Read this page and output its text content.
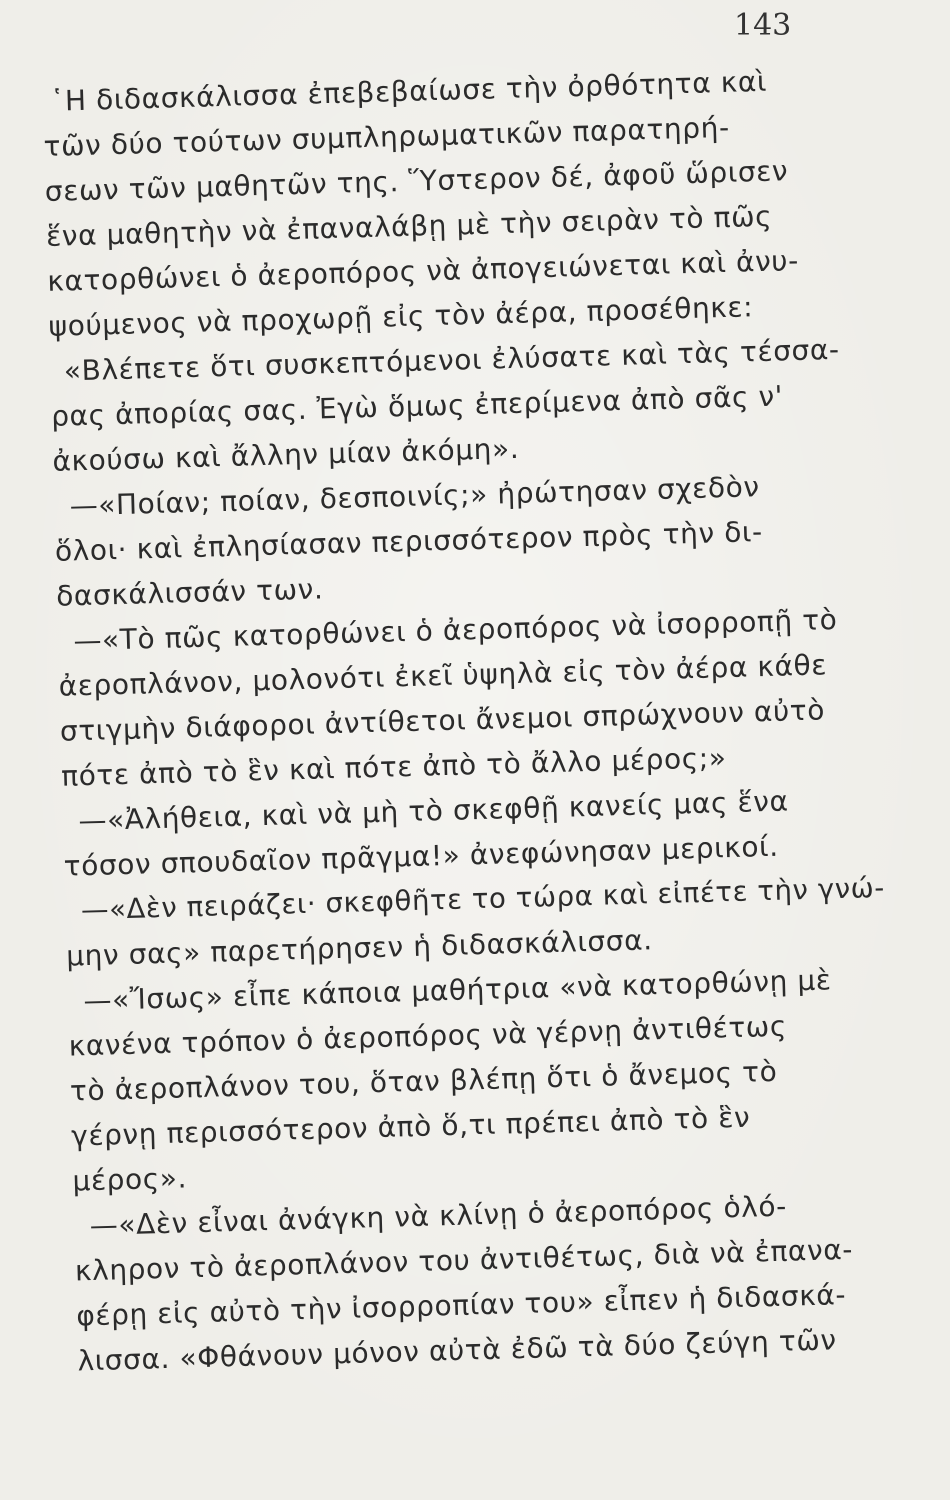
143
῾Η διδασκάλισσα ἐπεβεβαίωσε τὴν ὀρθότητα καὶ
τῶν δύο τούτων συμπληρωματικῶν παρατηρή-
σεων τῶν μαθητῶν της. Ὕστερον δέ, ἀφοῦ ὥρισεν
ἕνα μαθητὴν νὰ ἐπαναλάβῃ μὲ τὴν σειρὰν τὸ πῶς
κατορθώνει ὁ ἀεροπόρος νὰ ἀπογειώνεται καὶ ἀνυ-
ψούμενος νὰ προχωρῇ εἰς τὸν ἀέρα, προσέθηκε:
«Βλέπετε ὅτι συσκεπτόμενοι ἐλύσατε καὶ τὰς τέσσα-
ρας ἀπορίας σας. Ἐγὼ ὅμως ἐπερίμενα ἀπὸ σᾶς ν'
ἀκούσω καὶ ἄλλην μίαν ἀκόμη».
—«Ποίαν; ποίαν, δεσποινίς;» ἠρώτησαν σχεδὸν
ὅλοι· καὶ ἐπλησίασαν περισσότερον πρὸς τὴν δι-
δασκάλισσάν των.
—«Τὸ πῶς κατορθώνει ὁ ἀεροπόρος νὰ ἰσορροπῇ τὸ
ἀεροπλάνον, μολονότι ἐκεῖ ὑψηλὰ εἰς τὸν ἀέρα κάθε
στιγμὴν διάφοροι ἀντίθετοι ἄνεμοι σπρώχνουν αὐτὸ
πότε ἀπὸ τὸ ἓν καὶ πότε ἀπὸ τὸ ἄλλο μέρος;»
—«Ἀλήθεια, καὶ νὰ μὴ τὸ σκεφθῇ κανείς μας ἕνα
τόσον σπουδαῖον πρᾶγμα!» ἀνεφώνησαν μερικοί.
—«Δὲν πειράζει· σκεφθῆτε το τώρα καὶ εἰπέτε τὴν γνώ-
μην σας» παρετήρησεν ἡ διδασκάλισσα.
—«Ἴσως» εἶπε κάποια μαθήτρια «νὰ κατορθώνῃ μὲ
κανένα τρόπον ὁ ἀεροπόρος νὰ γέρνῃ ἀντιθέτως
τὸ ἀεροπλάνον του, ὅταν βλέπῃ ὅτι ὁ ἄνεμος τὸ
γέρνῃ περισσότερον ἀπὸ ὅ,τι πρέπει ἀπὸ τὸ ἓν
μέρος».
—«Δὲν εἶναι ἀνάγκη νὰ κλίνῃ ὁ ἀεροπόρος ὁλό-
κληρον τὸ ἀεροπλάνον του ἀντιθέτως, διὰ νὰ ἐπανα-
φέρῃ εἰς αὐτὸ τὴν ἰσορροπίαν του» εἶπεν ἡ διδασκά-
λισσα. «Φθάνουν μόνον αὐτὰ ἐδῶ τὰ δύο ζεύγη τῶν
